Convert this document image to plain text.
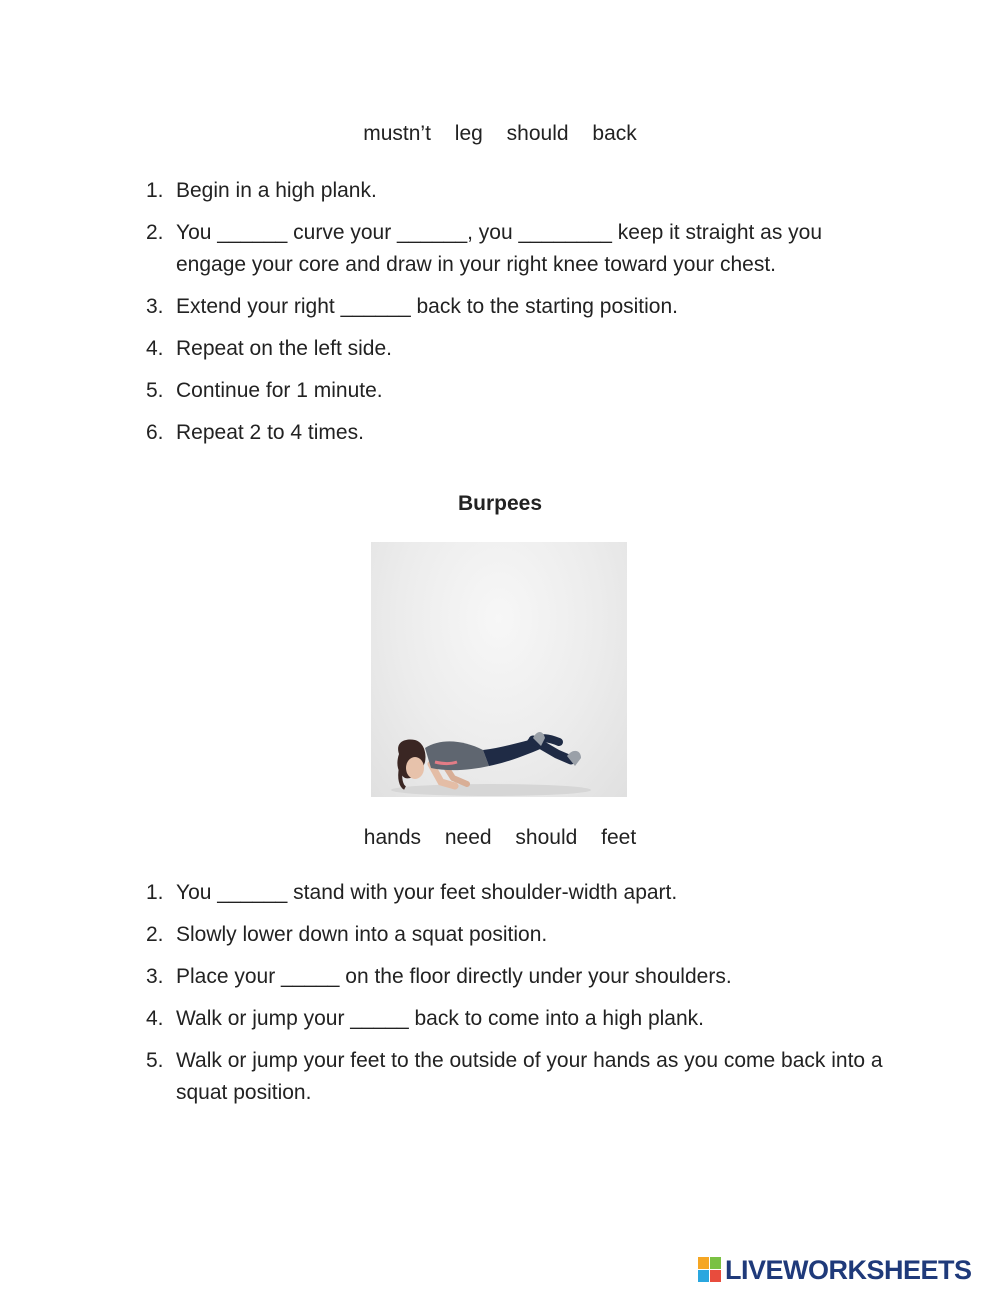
mustn’t leg should back
1. Begin in a high plank.
2. You ______ curve your ______, you ________ keep it straight as you engage your core and draw in your right knee toward your chest.
3. Extend your right ______ back to the starting position.
4. Repeat on the left side.
5. Continue for 1 minute.
6. Repeat 2 to 4 times.
Burpees
hands need should feet
1. You ______ stand with your feet shoulder-width apart.
2. Slowly lower down into a squat position.
3. Place your _____ on the floor directly under your shoulders.
4. Walk or jump your _____ back to come into a high plank.
5. Walk or jump your feet to the outside of your hands as you come back into a squat position.
LIVEWORKSHEETS
